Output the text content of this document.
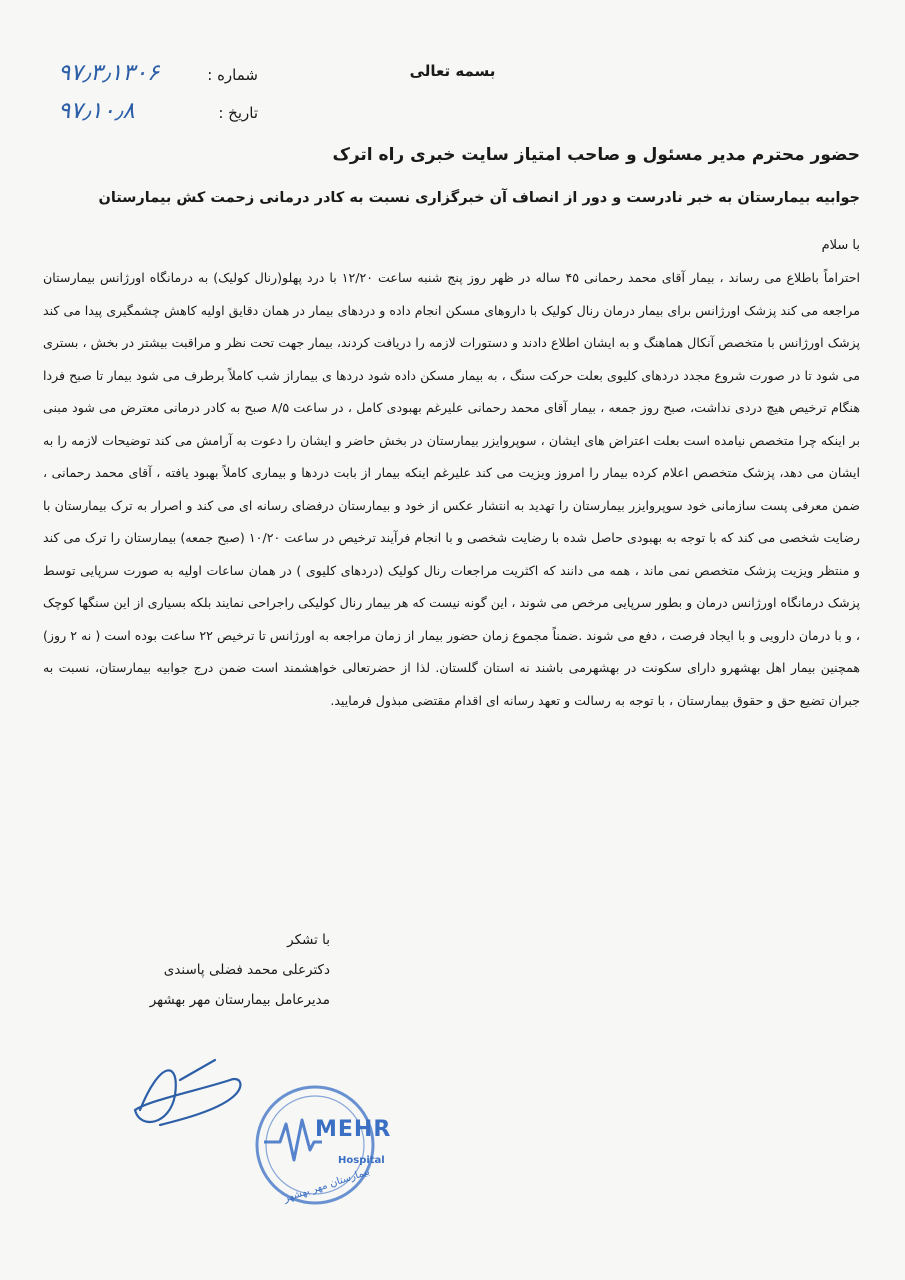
بسمه تعالی
شماره :
۹۷٫۳٫۱۳۰۶
تاریخ :
۹۷٫۱۰٫۸
حضور محترم مدیر مسئول و صاحب امتیاز سایت خبری راه اترک
جوابیه بیمارستان به خبر نادرست و دور از انصاف آن خبرگزاری نسبت به کادر درمانی زحمت کش بیمارستان
با سلام
احتراماً باطلاع می رساند ، بیمار آقای محمد رحمانی ۴۵ ساله در ظهر روز پنج شنبه ساعت ۱۲/۲۰ با درد پهلو(رنال کولیک) به درمانگاه اورژانس بیمارستان مراجعه می کند پزشک اورژانس برای بیمار درمان رنال کولیک با داروهای مسکن انجام داده و دردهای بیمار در همان دقایق اولیه کاهش چشمگیری پیدا می کند پزشک اورژانس با متخصص آنکال هماهنگ و به ایشان اطلاع دادند و دستورات لازمه را دریافت کردند، بیمار جهت تحت نظر و مراقبت بیشتر در بخش ، بستری می شود تا در صورت شروع مجدد دردهای کلیوی بعلت حرکت سنگ ، به بیمار مسکن داده شود دردها ی بیماراز شب کاملاً برطرف می شود بیمار تا صبح فردا هنگام ترخیص هیچ دردی نداشت، صبح روز جمعه ، بیمار آقای محمد رحمانی علیرغم بهبودی کامل ، در ساعت ۸/۵ صبح به کادر درمانی معترض می شود مبنی بر اینکه چرا متخصص نیامده است بعلت اعتراض های ایشان ، سوپروایزر بیمارستان در بخش حاضر و ایشان را دعوت به آرامش می کند توضیحات لازمه را به ایشان می دهد، پزشک متخصص اعلام کرده بیمار را امروز ویزیت می کند علیرغم اینکه بیمار از بابت دردها و بیماری کاملاً بهبود یافته ، آقای محمد رحمانی ، ضمن معرفی پست سازمانی خود سوپروایزر بیمارستان را تهدید به انتشار عکس از خود و بیمارستان درفضای رسانه ای می کند و اصرار به ترک بیمارستان با رضایت شخصی می کند که با توجه به بهبودی حاصل شده با رضایت شخصی و با انجام فرآیند ترخیص در ساعت ۱۰/۲۰ (صبح جمعه) بیمارستان را ترک می کند و منتظر ویزیت پزشک متخصص نمی ماند ، همه می دانند که اکثریت مراجعات رنال کولیک (دردهای کلیوی ) در همان ساعات اولیه به صورت سرپایی توسط پزشک درمانگاه اورژانس درمان و بطور سرپایی مرخص می شوند ، این گونه نیست که هر بیمار رنال کولیکی راجراحی نمایند بلکه بسیاری از این سنگها کوچک ، و با درمان دارویی و با ایجاد فرصت ، دفع می شوند .ضمناً مجموع زمان حضور بیمار از زمان مراجعه به اورژانس تا ترخیص ۲۲ ساعت بوده است ( نه ۲ روز) همچنین بیمار اهل بهشهرو دارای سکونت در بهشهرمی باشند نه استان گلستان. لذا از حضرتعالی خواهشمند است ضمن درج جوابیه بیمارستان، نسبت به جبران تضیع حق و حقوق بیمارستان ، با توجه به رسالت و تعهد رسانه ای اقدام مقتضی مبذول فرمایید.
با تشکر
دکترعلی محمد فضلی پاسندی
مدیرعامل بیمارستان مهر بهشهر
MEHR
Hospital
بیمارستان مهر بهشهر
